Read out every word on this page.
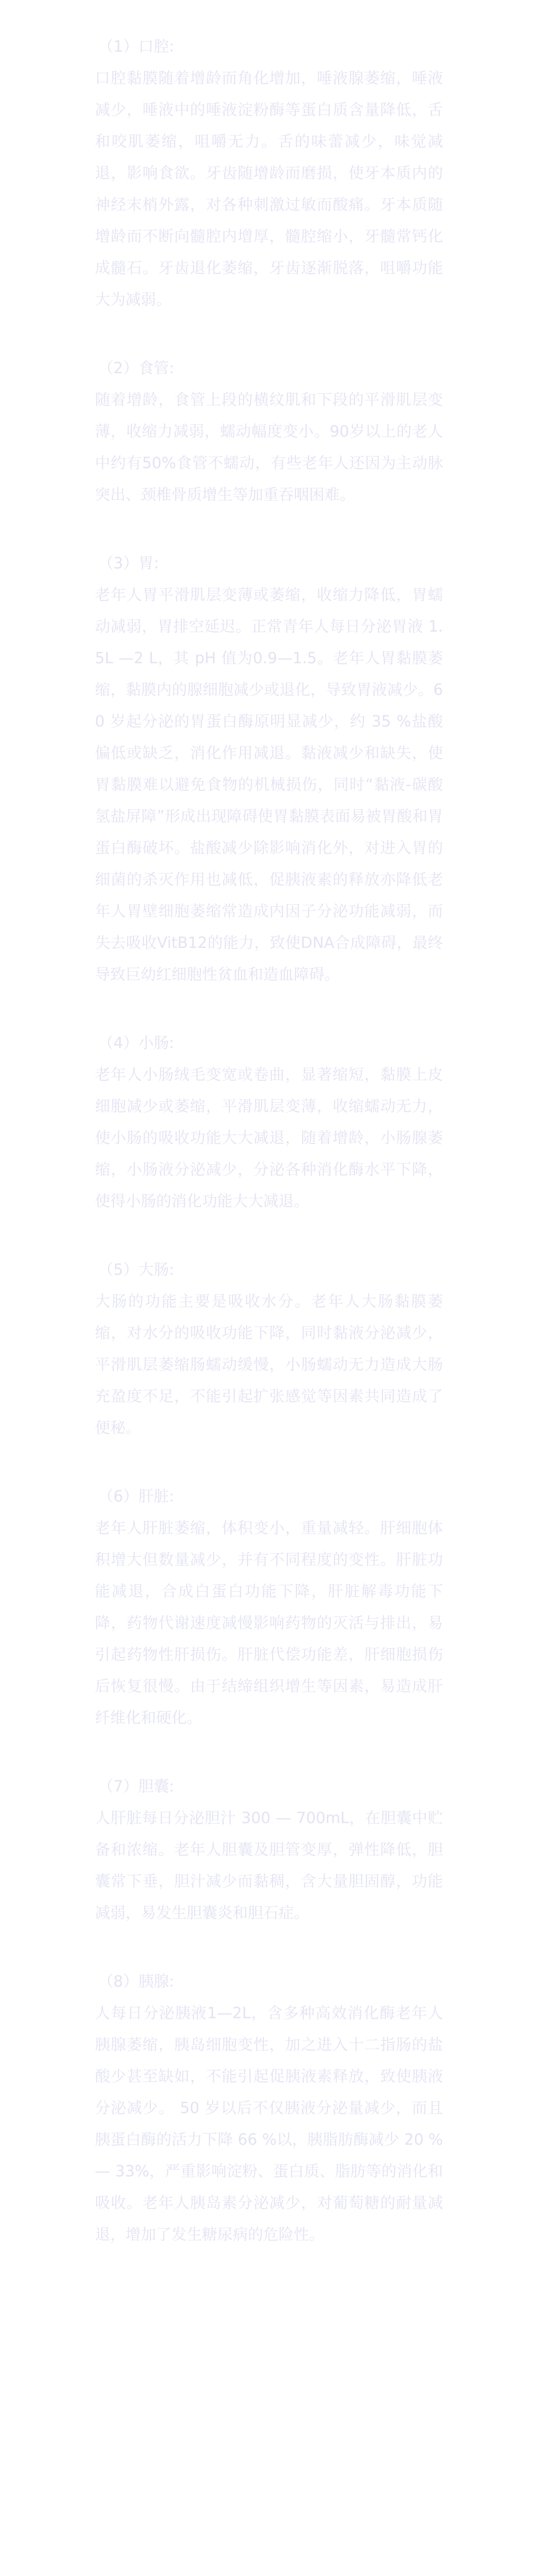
（1）口腔:

口腔黏膜随着增龄而角化增加，唾液腺萎缩，唾液减少，唾液中的唾液淀粉酶等蛋白质含量降低，舌和咬肌萎缩，咀嚼无力。舌的味蕾减少，味觉减退，影响食欲。牙齿随增龄而磨损，使牙本质内的神经末梢外露，对各种刺激过敏而酸痛。牙本质随增龄而不断向髓腔内增厚，髓腔缩小，牙髓常钙化成髓石。牙齿退化萎缩，牙齿逐渐脱落，咀嚼功能大为减弱。

（2）食管:

随着增龄，食管上段的横纹肌和下段的平滑肌层变薄，收缩力减弱，蠕动幅度变小。90岁以上的老人中约有50%食管不蠕动，有些老年人还因为主动脉突出、颈椎骨质增生等加重吞咽困难。

（3）胃:

老年人胃平滑肌层变薄或萎缩，收缩力降低，胃蠕动减弱，胃排空延迟。正常青年人每日分泌胃液 1.5L —2 L，其 pH 值为0.9—1.5。老年人胃黏膜萎缩，黏膜内的腺细胞减少或退化，导致胃液减少。60 岁起分泌的胃蛋白酶原明显减少，约 35 %盐酸偏低或缺乏，消化作用减退。黏液减少和缺失，使胃黏膜难以避免食物的机械损伤，同时“黏液-碳酸氢盐屏障”形成出现障碍使胃黏膜表面易被胃酸和胃蛋白酶破坏。盐酸减少除影响消化外，对进入胃的细菌的杀灭作用也减低，促胰液素的释放亦降低老年人胃壁细胞萎缩常造成内因子分泌功能减弱，而失去吸收VitB12的能力，致使DNA合成障碍，最终导致巨幼红细胞性贫血和造血障碍。

（4）小肠:

老年人小肠绒毛变宽或卷曲，显著缩短，黏膜上皮细胞减少或萎缩，平滑肌层变薄，收缩蠕动无力，使小肠的吸收功能大大减退，随着增龄，小肠腺萎缩，小肠液分泌减少，分泌各种消化酶水平下降，使得小肠的消化功能大大减退。

（5）大肠:

大肠的功能主要是吸收水分。老年人大肠黏膜萎缩，对水分的吸收功能下降，同时黏液分泌减少，平滑肌层萎缩肠蠕动缓慢，小肠蠕动无力造成大肠充盈度不足，不能引起扩张感觉等因素共同造成了便秘。

（6）肝脏:

老年人肝脏萎缩，体积变小，重量减轻。肝细胞体积增大但数量减少，并有不同程度的变性。肝脏功能减退，合成白蛋白功能下降，肝脏解毒功能下降，药物代谢速度减慢影响药物的灭活与排出，易引起药物性肝损伤。肝脏代偿功能差，肝细胞损伤后恢复很慢。由于结缔组织增生等因素，易造成肝纤维化和硬化。

（7）胆囊:

人肝脏每日分泌胆汁 300 — 700mL，在胆囊中贮备和浓缩。老年人胆囊及胆管变厚，弹性降低，胆囊常下垂，胆汁减少而黏稠，含大量胆固醇，功能减弱，易发生胆囊炎和胆石症。

（8）胰腺:

人每日分泌胰液1—2L，含多种高效消化酶老年人胰腺萎缩，胰岛细胞变性，加之进入十二指肠的盐酸少甚至缺如，不能引起促胰液素释放，致使胰液分泌减少。 50 岁以后不仅胰液分泌量减少，而且胰蛋白酶的活力下降 66 %以，胰脂肪酶减少 20 % — 33%，严重影响淀粉、蛋白质、脂肪等的消化和吸收。老年人胰岛素分泌减少，对葡萄糖的耐量减退，增加了发生糖尿病的危险性。
